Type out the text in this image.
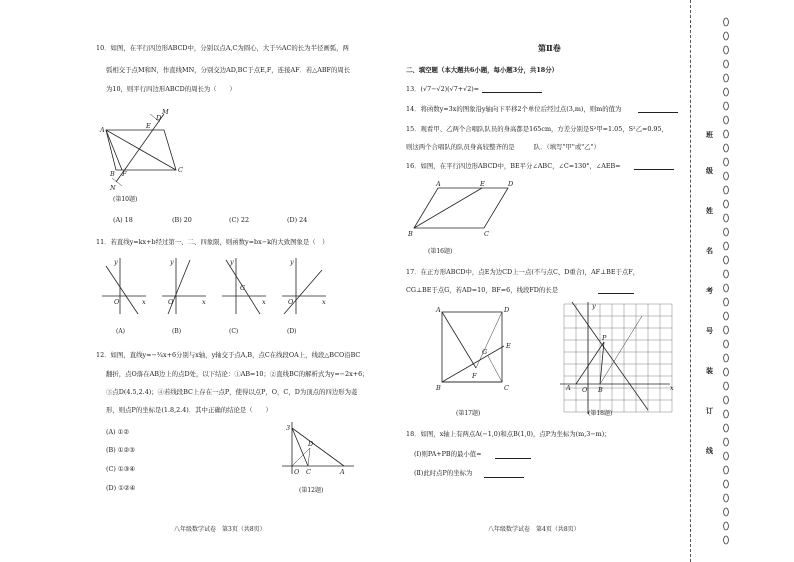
10．如图，在平行四边形ABCD中，分别以点A,C为圆心，大于½AC的长为半径画弧，两
弧相交于点M和N，作直线MN，分别交边AD,BC于点E,F，连接AF．若△ABF的周长
为10，则平行四边形ABCD的周长为（　　）
A	E
D
M
C
B F
N
(第10题)
(A) 18	(B) 20	(C) 22	(D) 24
11．若直线y=kx+b经过第一、二、四象限，则函数y=bx−k的大致图象是（　）
y
O	x
y
O	x
y
G
x
y
O	x
(A)	(B)	(C)	(D)
12．如图，直线y=−¾x+6分别与x轴，y轴交于点A,B，点C在线段OA上，线段△BCO沿BC
翻折，点O落在AB边上的点D处，以下结论：①AB=10；②直线BC的解析式为y=−2x+6；
③点D(4.5,2.4)；④若线段BC上存在一点P，使得以点P，O，C，D为顶点的四边形为菱
形，则点P的坐标是(1.8,2.4)．其中正确的结论是（　　）
(A) ①②
(B) ①②③
(C) ①③④
(D) ①②④
3
D
C	A
O
(第12题)
八年级数学试卷　第3页（共8页）
第Ⅱ卷
二、填空题（本大题共6小题，每小题3分，共18分）
13．(√7−√2)(√7+√2)=
14．将函数y=3x的图象沿y轴向下平移2个单位后经过点(3,m)，则m的值为
15．观看甲、乙两个合唱队队员的身高都是165cm，方差分别是S²甲=1.05，S²乙=0.95，
则这两个合唱队的队员身高较整齐的是　　　队．（填写"甲"或"乙"）
16．如图，在平行四边形ABCD中，BE平分∠ABC，∠C=130°，∠AEB=
A	E	D
B	C
(第16题)
17．在正方形ABCD中，点E为边CD上一点(不与点C、D重合)，AF⊥BE于点F，
CG⊥BE于点G，若AD=10，BF=6，线段FD的长是
A	D
B	C
E
G
F
(第17题)
P
y
x
A O B
(第18题)
18．如图，x轴上有两点A(−1,0)和点B(1,0)，点P为坐标为(m,3−m)；
(Ⅰ)则PA+PB的最小值=
(Ⅱ)此时点P的坐标为
八年级数学试卷　第4页（共8页）
班
级
姓
名
考
号
装
订
线
